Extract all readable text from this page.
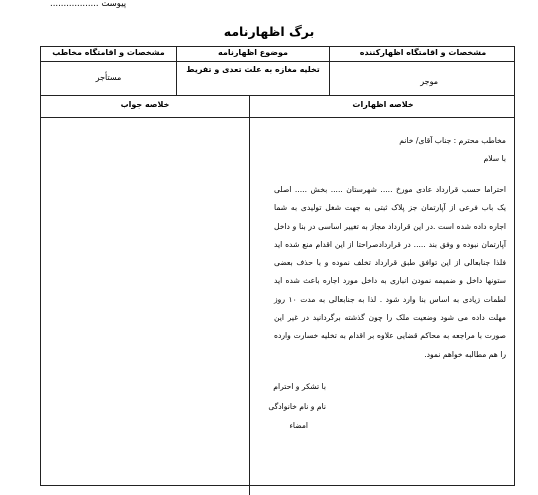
پیوست ..................
برگ اظهارنامه
مشخصات و اقامتگاه اظهارکننده
موضوع اظهارنامه
مشخصات و اقامتگاه مخاطب
موجر
تخلیه مغازه به علت تعدی و تفریط
مستأجر
خلاصه اظهارات
خلاصه جواب
مخاطب محترم : جناب آقای/ خانم
با سلام

احتراما حسب قرارداد عادی مورخ ..... شهرستان ..... بخش ..... اصلی یک باب فرعی از آپارتمان جز پلاک ثبتی به جهت شغل تولیدی به شما اجاره داده شده است .در این قرارداد مجاز به تغییر اساسی در بنا و داخل آپارتمان نبوده و وفق بند ..... در قراردادصراحتا از این اقدام منع شده اید فلذا جنابعالی از این توافق طبق قرارداد تخلف نموده و با حذف بعضی ستونها داخل و ضمیمه نمودن انباری به داخل مورد اجاره باعث شده اید لطمات زیادی به اساس بنا وارد شود . لذا به جنابعالی به مدت ۱۰ روز مهلت داده می شود وضعیت ملک را چون گذشته برگردانید در غیر این صورت با مراجعه به محاکم قضایی علاوه بر اقدام به تخلیه خسارت وارده را هم مطالبه خواهم نمود.

با تشکر و احترام
نام و نام خانوادگی
امضاء
